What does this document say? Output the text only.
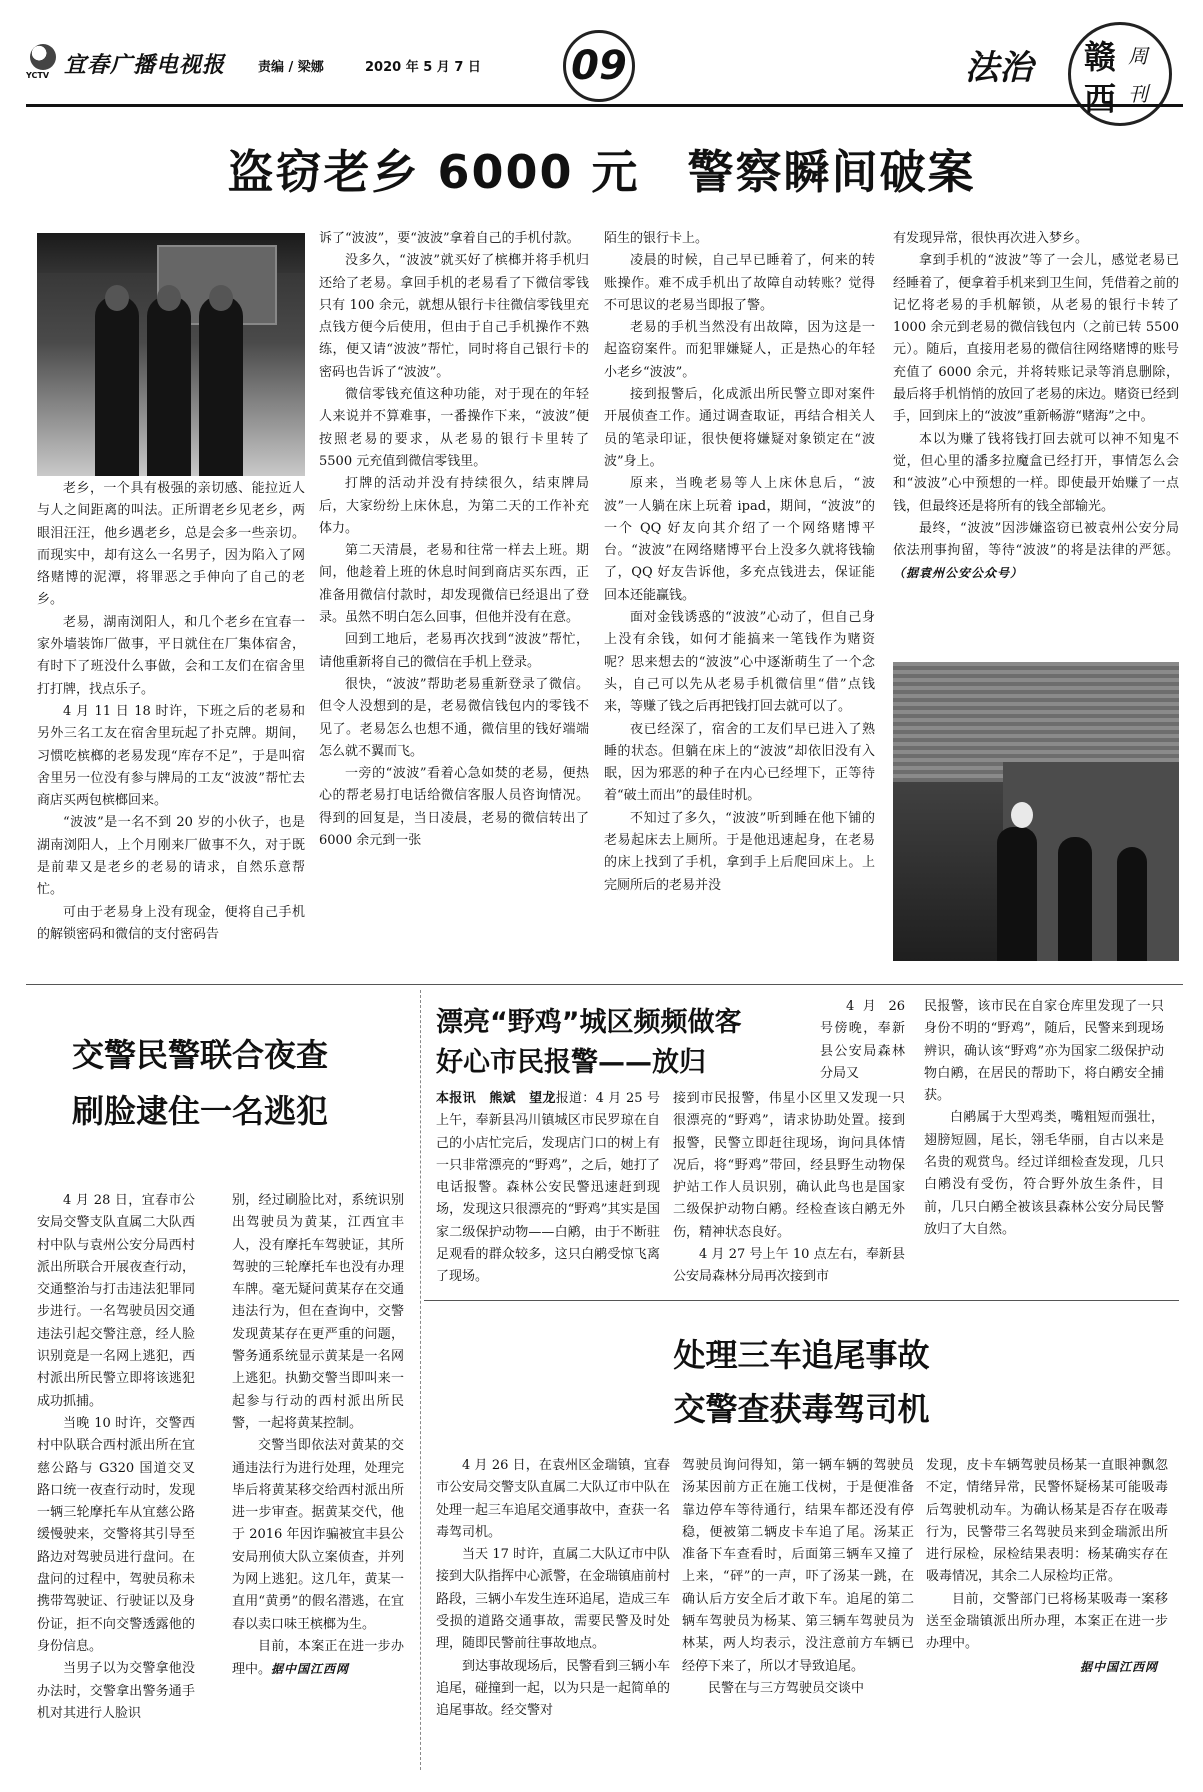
YCTV 宜春广播电视报	责编 / 梁娜	2020 年 5 月 7 日 09	法治 赣 周
西 刊
盗窃老乡 6000 元　警察瞬间破案

老乡，一个具有极强的亲切感、能拉近人与人之间距离的叫法。正所谓老乡见老乡，两眼泪汪汪，他乡遇老乡，总是会多一些亲切。而现实中，却有这么一名男子，因为陷入了网络赌博的泥潭，将罪恶之手伸向了自己的老乡。

老易，湖南浏阳人，和几个老乡在宜春一家外墙装饰厂做事，平日就住在厂集体宿舍，有时下了班没什么事做，会和工友们在宿舍里打打牌，找点乐子。

4 月 11 日 18 时许，下班之后的老易和另外三名工友在宿舍里玩起了扑克牌。期间，习惯吃槟榔的老易发现“库存不足”，于是叫宿舍里另一位没有参与牌局的工友“波波”帮忙去商店买两包槟榔回来。

“波波”是一名不到 20 岁的小伙子，也是湖南浏阳人，上个月刚来厂做事不久，对于既是前辈又是老乡的老易的请求，自然乐意帮忙。

可由于老易身上没有现金，便将自己手机的解锁密码和微信的支付密码告

诉了“波波”，要“波波”拿着自己的手机付款。

没多久，“波波”就买好了槟榔并将手机归还给了老易。拿回手机的老易看了下微信零钱只有 100 余元，就想从银行卡往微信零钱里充点钱方便今后使用，但由于自己手机操作不熟练，便又请“波波”帮忙，同时将自己银行卡的密码也告诉了“波波”。

微信零钱充值这种功能，对于现在的年轻人来说并不算难事，一番操作下来，“波波”便按照老易的要求，从老易的银行卡里转了 5500 元充值到微信零钱里。

打牌的活动并没有持续很久，结束牌局后，大家纷纷上床休息，为第二天的工作补充体力。

第二天清晨，老易和往常一样去上班。期间，他趁着上班的休息时间到商店买东西，正准备用微信付款时，却发现微信已经退出了登录。虽然不明白怎么回事，但他并没有在意。

回到工地后，老易再次找到“波波”帮忙，请他重新将自己的微信在手机上登录。

很快，“波波”帮助老易重新登录了微信。但令人没想到的是，老易微信钱包内的零钱不见了。老易怎么也想不通，微信里的钱好端端怎么就不翼而飞。

一旁的“波波”看着心急如焚的老易，便热心的帮老易打电话给微信客服人员咨询情况。得到的回复是，当日凌晨，老易的微信转出了 6000 余元到一张

陌生的银行卡上。

凌晨的时候，自己早已睡着了，何来的转账操作。难不成手机出了故障自动转账？觉得不可思议的老易当即报了警。

老易的手机当然没有出故障，因为这是一起盗窃案件。而犯罪嫌疑人，正是热心的年轻小老乡“波波”。

接到报警后，化成派出所民警立即对案件开展侦查工作。通过调查取证，再结合相关人员的笔录印证，很快便将嫌疑对象锁定在“波波”身上。

原来，当晚老易等人上床休息后，“波波”一人躺在床上玩着 ipad，期间，“波波”的一个 QQ 好友向其介绍了一个网络赌博平台。“波波”在网络赌博平台上没多久就将钱输了，QQ 好友告诉他，多充点钱进去，保证能回本还能赢钱。

面对金钱诱惑的“波波”心动了，但自己身上没有余钱，如何才能搞来一笔钱作为赌资呢？思来想去的“波波”心中逐渐萌生了一个念头，自己可以先从老易手机微信里“借”点钱来，等赚了钱之后再把钱打回去就可以了。

夜已经深了，宿舍的工友们早已进入了熟睡的状态。但躺在床上的“波波”却依旧没有入眠，因为邪恶的种子在内心已经埋下，正等待着“破土而出”的最佳时机。

不知过了多久，“波波”听到睡在他下铺的老易起床去上厕所。于是他迅速起身，在老易的床上找到了手机，拿到手上后爬回床上。上完厕所后的老易并没

有发现异常，很快再次进入梦乡。

拿到手机的“波波”等了一会儿，感觉老易已经睡着了，便拿着手机来到卫生间，凭借着之前的记忆将老易的手机解锁，从老易的银行卡转了 1000 余元到老易的微信钱包内（之前已转 5500 元）。随后，直接用老易的微信往网络赌博的账号充值了 6000 余元，并将转账记录等消息删除，最后将手机悄悄的放回了老易的床边。赌资已经到手，回到床上的“波波”重新畅游“赌海”之中。

本以为赚了钱将钱打回去就可以神不知鬼不觉，但心里的潘多拉魔盒已经打开，事情怎么会和“波波”心中预想的一样。即使最开始赚了一点钱，但最终还是将所有的钱全部输光。

最终，“波波”因涉嫌盗窃已被袁州公安分局依法刑事拘留，等待“波波”的将是法律的严惩。（据袁州公安公众号）

交警民警联合夜查
刷脸逮住一名逃犯

4 月 28 日，宜春市公安局交警支队直属二大队西村中队与袁州公安分局西村派出所联合开展夜查行动，交通整治与打击违法犯罪同步进行。一名驾驶员因交通违法引起交警注意，经人脸识别竟是一名网上逃犯，西村派出所民警立即将该逃犯成功抓捕。

当晚 10 时许，交警西村中队联合西村派出所在宜慈公路与 G320 国道交叉路口统一夜查行动时，发现一辆三轮摩托车从宜慈公路缓慢驶来，交警将其引导至路边对驾驶员进行盘问。在盘问的过程中，驾驶员称未携带驾驶证、行驶证以及身份证，拒不向交警透露他的身份信息。

当男子以为交警拿他没办法时，交警拿出警务通手机对其进行人脸识

别，经过刷脸比对，系统识别出驾驶员为黄某，江西宜丰人，没有摩托车驾驶证，其所驾驶的三轮摩托车也没有办理车牌。毫无疑问黄某存在交通违法行为，但在查询中，交警发现黄某存在更严重的问题，警务通系统显示黄某是一名网上逃犯。执勤交警当即叫来一起参与行动的西村派出所民警，一起将黄某控制。

交警当即依法对黄某的交通违法行为进行处理，处理完毕后将黄某移交给西村派出所进一步审查。据黄某交代，他于 2016 年因诈骗被宜丰县公安局刑侦大队立案侦查，并列为网上逃犯。这几年，黄某一直用“黄勇”的假名潜逃，在宜春以卖口味王槟榔为生。

目前，本案正在进一步办理中。据中国江西网

漂亮“野鸡”城区频频做客
好心市民报警——放归

本报讯　熊斌　望龙报道：4 月 25 号上午，奉新县冯川镇城区市民罗琼在自己的小店忙完后，发现店门口的树上有一只非常漂亮的“野鸡”，之后，她打了电话报警。森林公安民警迅速赶到现场，发现这只很漂亮的“野鸡”其实是国家二级保护动物——白鹇，由于不断驻足观看的群众较多，这只白鹇受惊飞离了现场。

4 月 26 号傍晚，奉新县公安局森林分局又

接到市民报警，伟星小区里又发现一只很漂亮的“野鸡”，请求协助处置。接到报警，民警立即赶往现场，询问具体情况后，将“野鸡”带回，经县野生动物保护站工作人员识别，确认此鸟也是国家二级保护动物白鹇。经检查该白鹇无外伤，精神状态良好。

4 月 27 号上午 10 点左右，奉新县公安局森林分局再次接到市

民报警，该市民在自家仓库里发现了一只身份不明的“野鸡”，随后，民警来到现场辨识，确认该“野鸡”亦为国家二级保护动物白鹇，在居民的帮助下，将白鹇安全捕获。

白鹇属于大型鸡类，嘴粗短而强壮，翅膀短圆，尾长，翎毛华丽，自古以来是名贵的观赏鸟。经过详细检查发现，几只白鹇没有受伤，符合野外放生条件，目前，几只白鹇全被该县森林公安分局民警放归了大自然。

处理三车追尾事故
交警查获毒驾司机

4 月 26 日，在袁州区金瑞镇，宜春市公安局交警支队直属二大队辽市中队在处理一起三车追尾交通事故中，查获一名毒驾司机。

当天 17 时许，直属二大队辽市中队接到大队指挥中心派警，在金瑞镇庙前村路段，三辆小车发生连环追尾，造成三车受损的道路交通事故，需要民警及时处理，随即民警前往事故地点。

到达事故现场后，民警看到三辆小车追尾，碰撞到一起，以为只是一起简单的追尾事故。经交警对

驾驶员询问得知，第一辆车辆的驾驶员汤某因前方正在施工伐树，于是便准备靠边停车等待通行，结果车都还没有停稳，便被第二辆皮卡车追了尾。汤某正准备下车查看时，后面第三辆车又撞了上来，“砰”的一声，吓了汤某一跳，在确认后方安全后才敢下车。追尾的第二辆车驾驶员为杨某、第三辆车驾驶员为林某，两人均表示，没注意前方车辆已经停下来了，所以才导致追尾。

民警在与三方驾驶员交谈中

发现，皮卡车辆驾驶员杨某一直眼神飘忽不定，情绪异常，民警怀疑杨某可能吸毒后驾驶机动车。为确认杨某是否存在吸毒行为，民警带三名驾驶员来到金瑞派出所进行尿检，尿检结果表明：杨某确实存在吸毒情况，其余二人尿检均正常。

目前，交警部门已将杨某吸毒一案移送至金瑞镇派出所办理，本案正在进一步办理中。

据中国江西网
